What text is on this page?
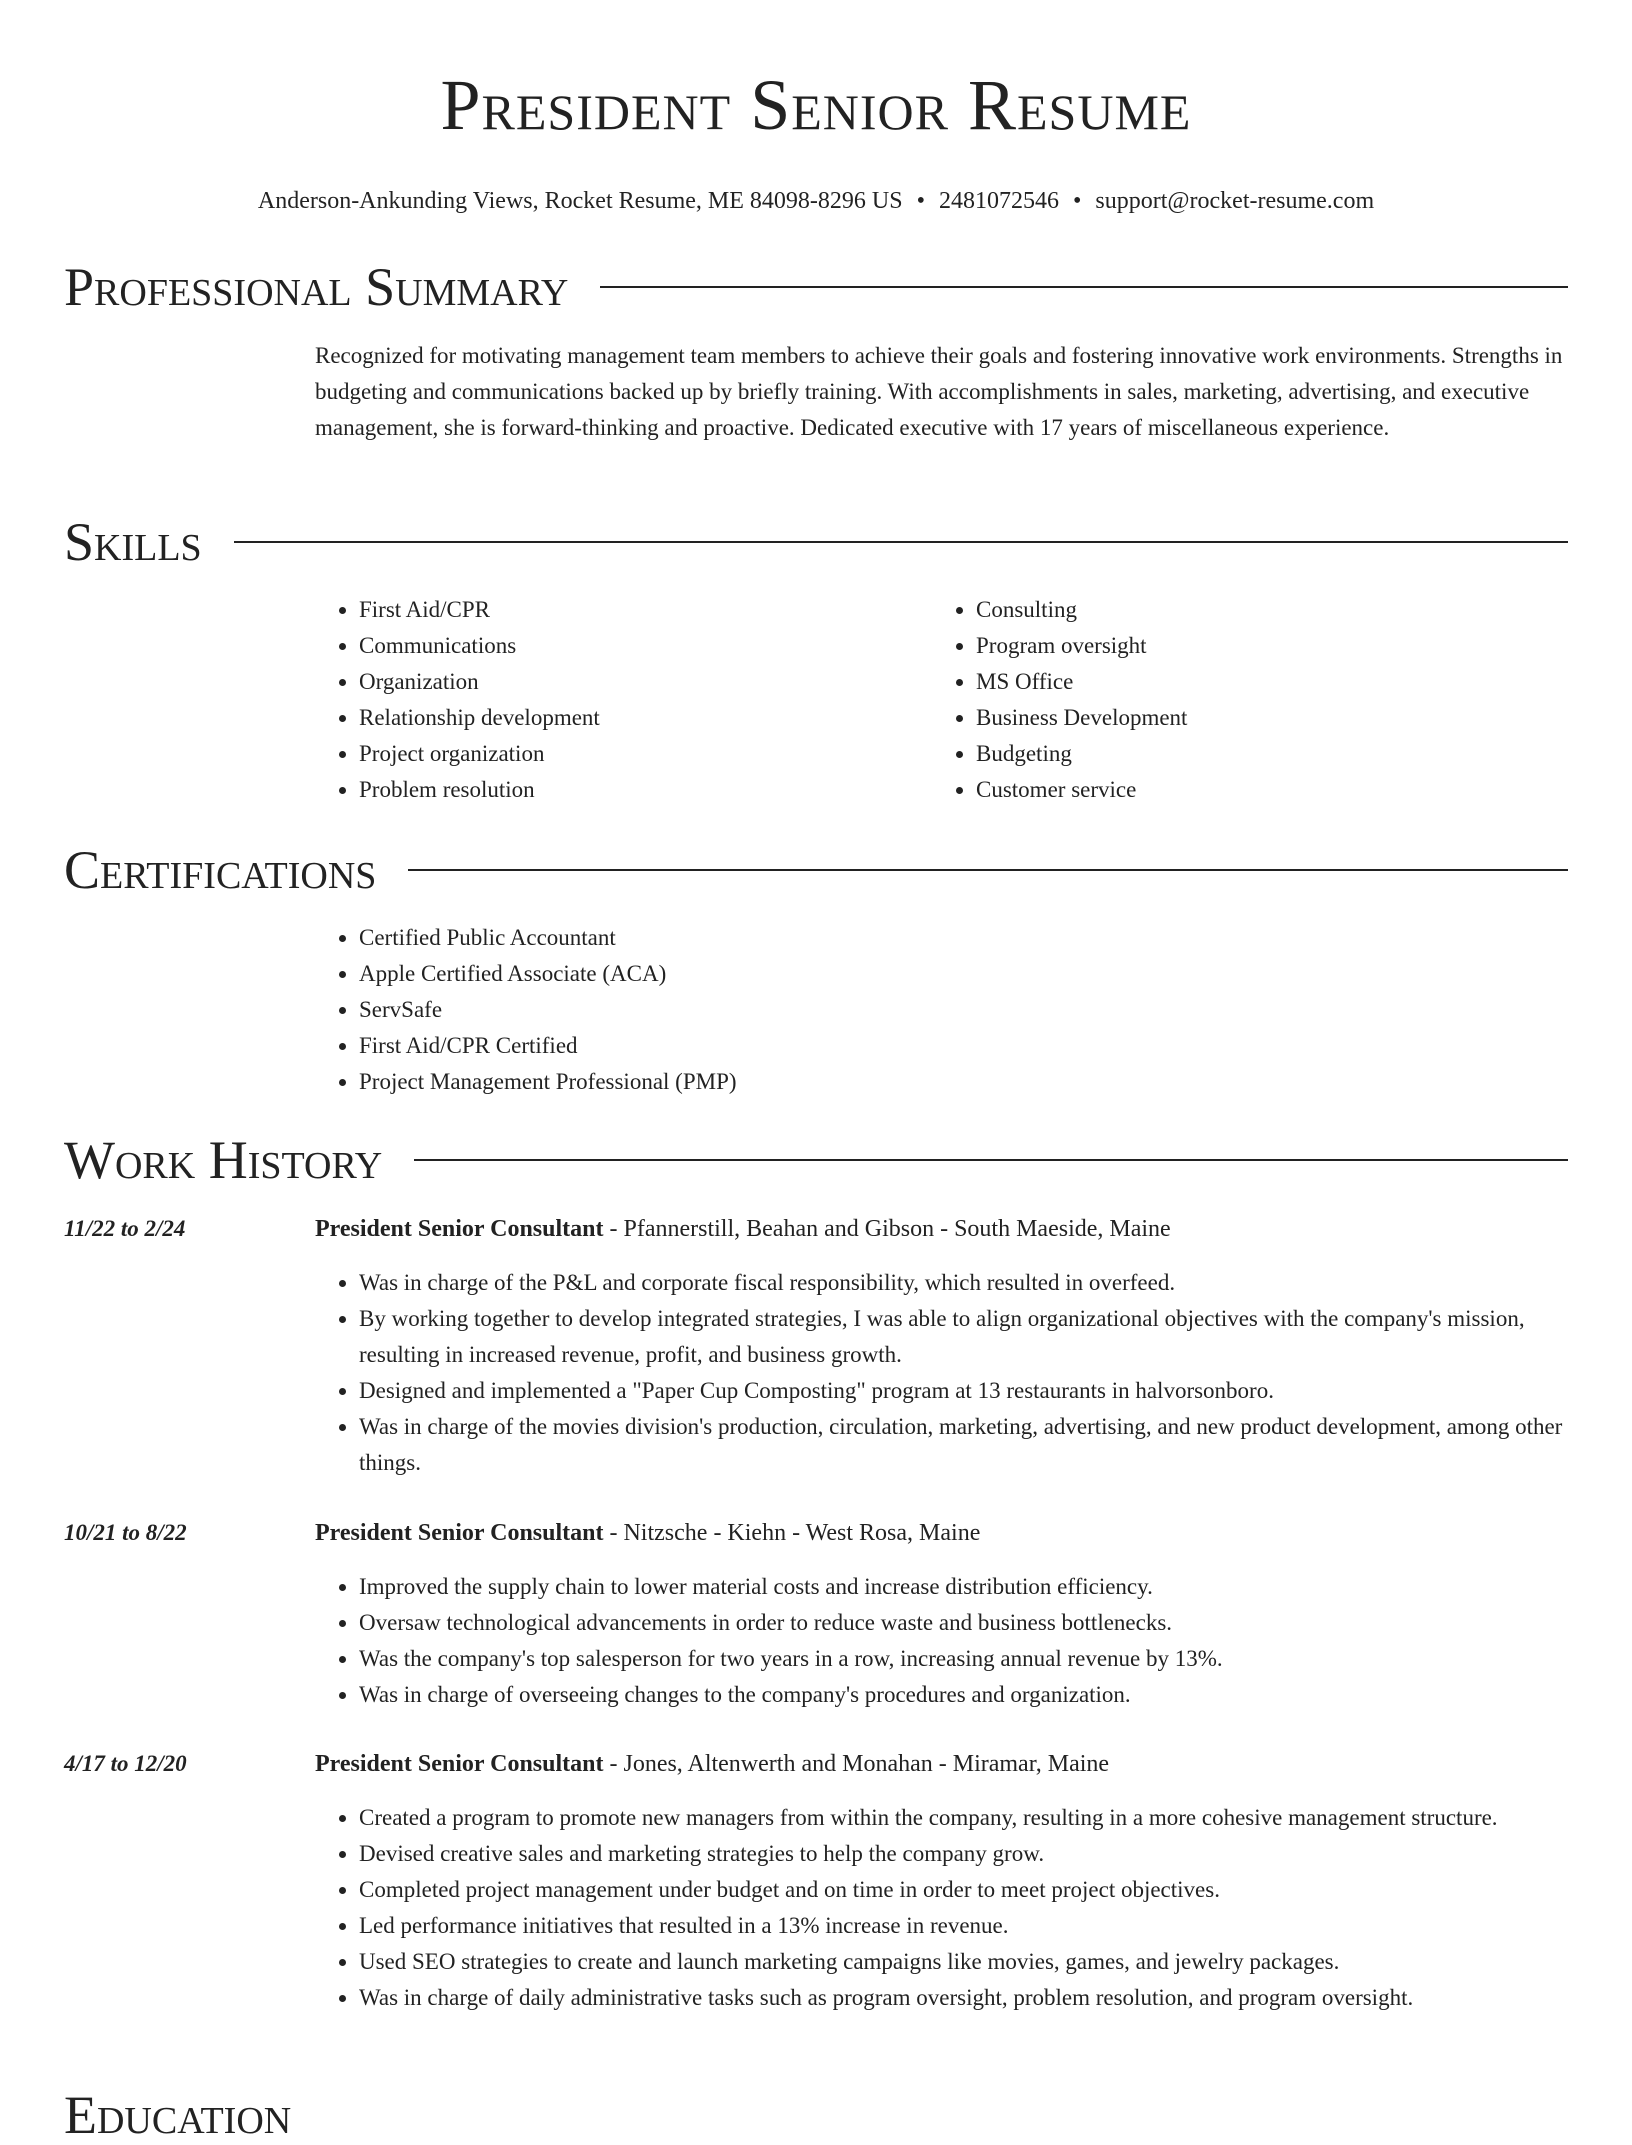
President Senior Resume
Anderson-Ankunding Views, Rocket Resume, ME 84098-8296 US • 2481072546 • support@rocket-resume.com
Professional Summary

Recognized for motivating management team members to achieve their goals and fostering innovative work environments. Strengths in budgeting and communications backed up by briefly training. With accomplishments in sales, marketing, advertising, and executive management, she is forward-thinking and proactive. Dedicated executive with 17 years of miscellaneous experience.

Skills
• First Aid/CPR
• Communications
• Organization
• Relationship development
• Project organization
• Problem resolution
• Consulting
• Program oversight
• MS Office
• Business Development
• Budgeting
• Customer service
Certifications
• Certified Public Accountant
• Apple Certified Associate (ACA)
• ServSafe
• First Aid/CPR Certified
• Project Management Professional (PMP)
Work History
11/22 to 2/24	President Senior Consultant - Pfannerstill, Beahan and Gibson - South Maeside, Maine
• Was in charge of the P&L and corporate fiscal responsibility, which resulted in overfeed.
• By working together to develop integrated strategies, I was able to align organizational objectives with the company's mission, resulting in increased revenue, profit, and business growth.
• Designed and implemented a "Paper Cup Composting" program at 13 restaurants in halvorsonboro.
• Was in charge of the movies division's production, circulation, marketing, advertising, and new product development, among other things.
10/21 to 8/22	President Senior Consultant - Nitzsche - Kiehn - West Rosa, Maine
• Improved the supply chain to lower material costs and increase distribution efficiency.
• Oversaw technological advancements in order to reduce waste and business bottlenecks.
• Was the company's top salesperson for two years in a row, increasing annual revenue by 13%.
• Was in charge of overseeing changes to the company's procedures and organization.
4/17 to 12/20	President Senior Consultant - Jones, Altenwerth and Monahan - Miramar, Maine
• Created a program to promote new managers from within the company, resulting in a more cohesive management structure.
• Devised creative sales and marketing strategies to help the company grow.
• Completed project management under budget and on time in order to meet project objectives.
• Led performance initiatives that resulted in a 13% increase in revenue.
• Used SEO strategies to create and launch marketing campaigns like movies, games, and jewelry packages.
• Was in charge of daily administrative tasks such as program oversight, problem resolution, and program oversight.
Education
